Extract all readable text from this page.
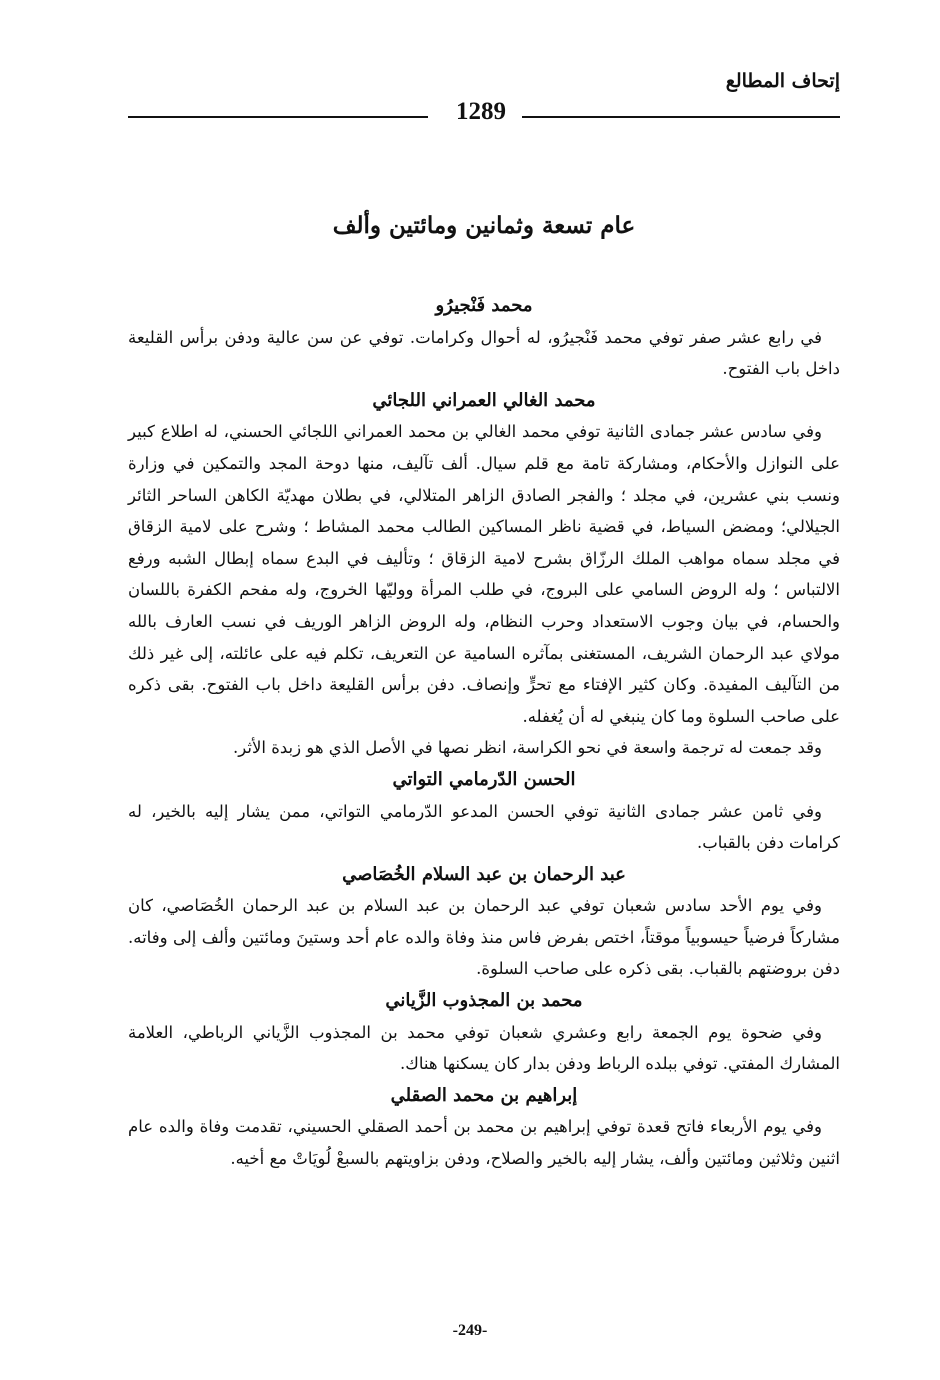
إتحاف المطالع
1289
عام تسعة وثمانين ومائتين وألف

محمد فَنْجيرُو

في رابع عشر صفر توفي محمد فَنْجيرُو، له أحوال وكرامات. توفي عن سن عالية ودفن برأس القليعة داخل باب الفتوح.

محمد الغالي العمراني اللجائي

وفي سادس عشر جمادى الثانية توفي محمد الغالي بن محمد العمراني اللجائي الحسني، له اطلاع كبير على النوازل والأحكام، ومشاركة تامة مع قلم سيال. ألف تآليف، منها دوحة المجد والتمكين في وزارة ونسب بني عشرين، في مجلد ؛ والفجر الصادق الزاهر المتلالي، في بطلان مهديّة الكاهن الساحر الثائر الجيلالي؛ ومضض السياط، في قضية ناظر المساكين الطالب محمد المشاط ؛ وشرح على لامية الزقاق في مجلد سماه مواهب الملك الرزّاق بشرح لامية الزقاق ؛ وتأليف في البدع سماه إبطال الشبه ورفع الالتباس ؛ وله الروض السامي على البروج، في طلب المرأة ووليّها الخروج، وله مفحم الكفرة باللسان والحسام، في بيان وجوب الاستعداد وحرب النظام، وله الروض الزاهر الوريف في نسب العارف بالله مولاي عبد الرحمان الشريف، المستغنى بمآثره السامية عن التعريف، تكلم فيه على عائلته، إلى غير ذلك من التآليف المفيدة. وكان كثير الإفتاء مع تحرٍّ وإنصاف. دفن برأس القليعة داخل باب الفتوح. بقى ذكره على صاحب السلوة وما كان ينبغي له أن يُغفله.

وقد جمعت له ترجمة واسعة في نحو الكراسة، انظر نصها في الأصل الذي هو زبدة الأثر.

الحسن الدّرمامي التواتي

وفي ثامن عشر جمادى الثانية توفي الحسن المدعو الدّرمامي التواتي، ممن يشار إليه بالخير، له كرامات دفن بالقباب.

عبد الرحمان بن عبد السلام الخُصَاصي

وفي يوم الأحد سادس شعبان توفي عبد الرحمان بن عبد السلام بن عبد الرحمان الخُصَاصي، كان مشاركاً فرضياً حيسوبياً موقتاً، اختص بفرض فاس منذ وفاة والده عام أحد وستينَ ومائتين وألف إلى وفاته. دفن بروضتهم بالقباب. بقى ذكره على صاحب السلوة.

محمد بن المجذوب الزَّياني

وفي ضحوة يوم الجمعة رابع وعشري شعبان توفي محمد بن المجذوب الزَّياني الرباطي، العلامة المشارك المفتي. توفي ببلده الرباط ودفن بدار كان يسكنها هناك.

إبراهيم بن محمد الصقلي

وفي يوم الأربعاء فاتح قعدة توفي إبراهيم بن محمد بن أحمد الصقلي الحسيني، تقدمت وفاة والده عام اثنين وثلاثين ومائتين وألف، يشار إليه بالخير والصلاح، ودفن بزاويتهم بالسبعْ لُويَاتْ مع أخيه.

-249-
